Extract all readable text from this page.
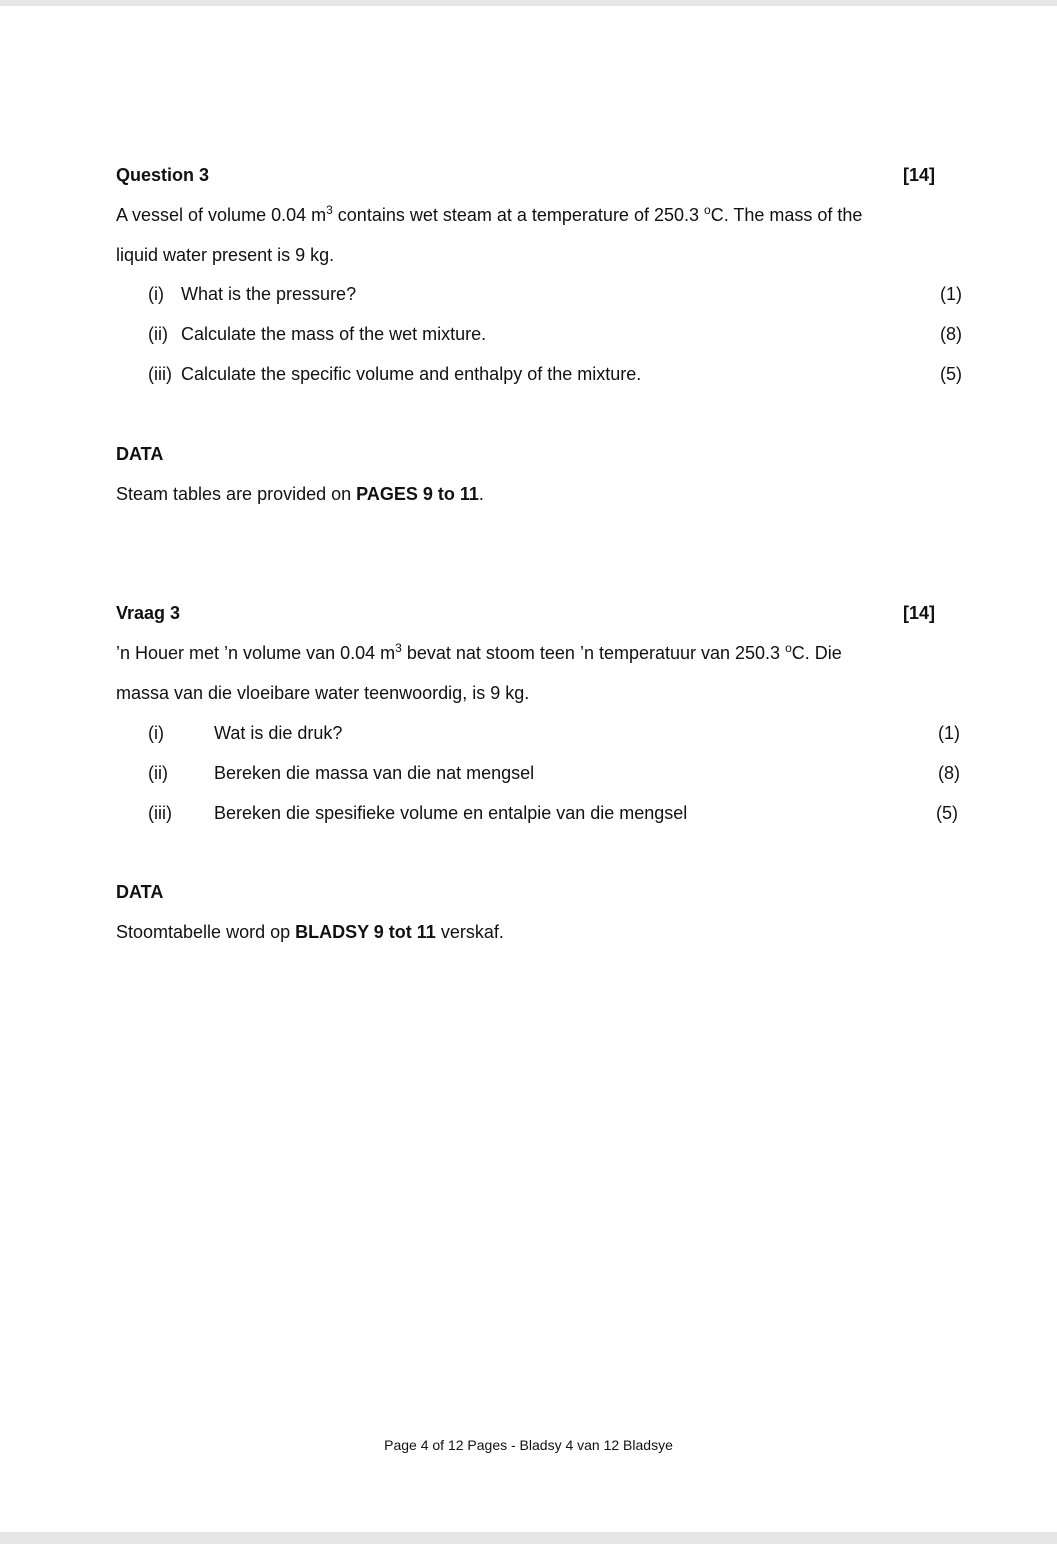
Question 3	[14]
A vessel of volume 0.04 $m^3$ contains wet steam at a temperature of 250.3 $^o$C. The mass of the
liquid water present is 9 kg.
(i) What is the pressure?	(1)
(ii) Calculate the mass of the wet mixture.	(8)
(iii) Calculate the specific volume and enthalpy of the mixture.	(5)
DATA
Steam tables are provided on PAGES 9 to 11.
Vraag 3	[14]
’n Houer met ’n volume van 0.04 $m^3$ bevat nat stoom teen ’n temperatuur van 250.3 $^o$C. Die
massa van die vloeibare water teenwoordig, is 9 kg.
(i)	Wat is die druk?	(1)
(ii)	Bereken die massa van die nat mengsel	(8)
(iii) Bereken die spesifieke volume en entalpie van die mengsel	(5)
DATA
Stoomtabelle word op BLADSY 9 tot 11 verskaf.
Page 4 of 12 Pages - Bladsy 4 van 12 Bladsye
